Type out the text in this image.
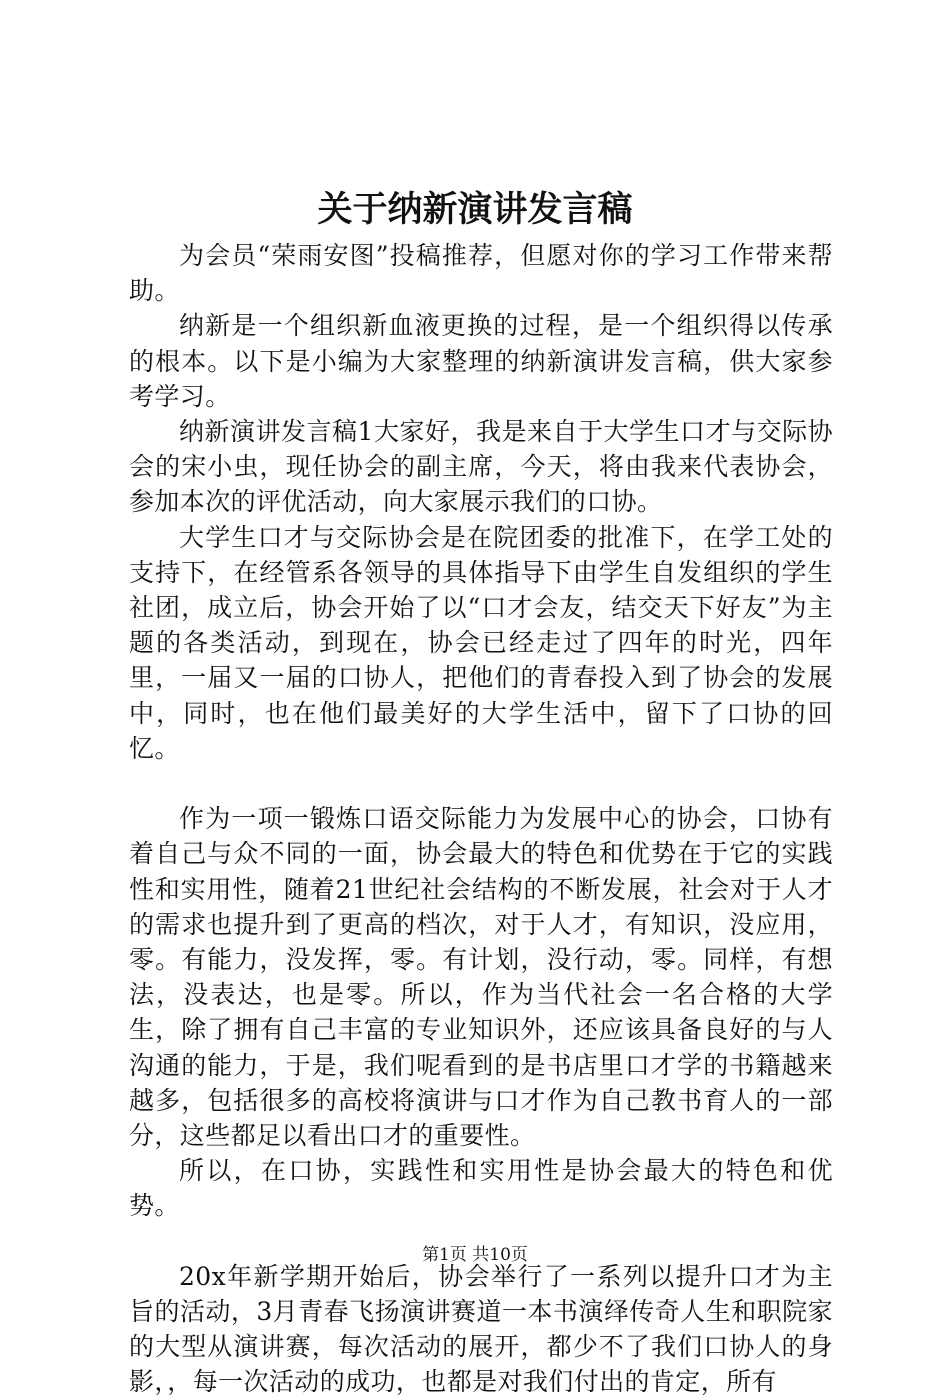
关于纳新演讲发言稿

为会员“荣雨安图”投稿推荐，但愿对你的学习工作带来帮助。

纳新是一个组织新血液更换的过程，是一个组织得以传承的根本。以下是小编为大家整理的纳新演讲发言稿，供大家参考学习。

纳新演讲发言稿1大家好，我是来自于大学生口才与交际协会的宋小虫，现任协会的副主席，今天，将由我来代表协会，参加本次的评优活动，向大家展示我们的口协。

大学生口才与交际协会是在院团委的批准下，在学工处的支持下，在经管系各领导的具体指导下由学生自发组织的学生社团，成立后，协会开始了以“口才会友，结交天下好友”为主题的各类活动，到现在，协会已经走过了四年的时光，四年里，一届又一届的口协人，把他们的青春投入到了协会的发展中，同时，也在他们最美好的大学生活中，留下了口协的回忆。

作为一项一锻炼口语交际能力为发展中心的协会，口协有着自己与众不同的一面，协会最大的特色和优势在于它的实践性和实用性，随着21世纪社会结构的不断发展，社会对于人才的需求也提升到了更高的档次，对于人才，有知识，没应用，零。有能力，没发挥，零。有计划，没行动，零。同样，有想法，没表达，也是零。所以，作为当代社会一名合格的大学生，除了拥有自己丰富的专业知识外，还应该具备良好的与人沟通的能力，于是，我们呢看到的是书店里口才学的书籍越来越多，包括很多的高校将演讲与口才作为自己教书育人的一部分，这些都足以看出口才的重要性。

所以，在口协，实践性和实用性是协会最大的特色和优势。

20x年新学期开始后，协会举行了一系列以提升口才为主旨的活动，3月青春飞扬演讲赛道一本书演绎传奇人生和职院家的大型从演讲赛，每次活动的展开，都少不了我们口协人的身影，，每一次活动的成功，也都是对我们付出的肯定，所有

第1页 共10页
